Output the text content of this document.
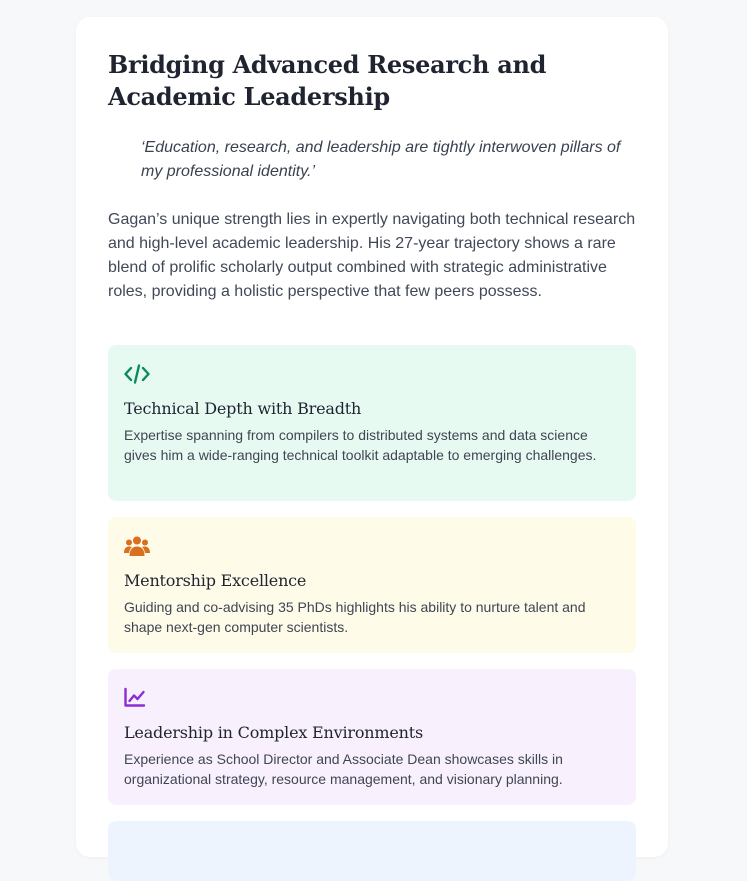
Bridging Advanced Research and Academic Leadership

‘Education, research, and leadership are tightly interwoven pillars of my professional identity.’

Gagan’s unique strength lies in expertly navigating both technical research and high-level academic leadership. His 27-year trajectory shows a rare blend of prolific scholarly output combined with strategic administrative roles, providing a holistic perspective that few peers possess.

Technical Depth with Breadth

Expertise spanning from compilers to distributed systems and data science gives him a wide-ranging technical toolkit adaptable to emerging challenges.

Mentorship Excellence

Guiding and co-advising 35 PhDs highlights his ability to nurture talent and shape next-gen computer scientists.

Leadership in Complex Environments

Experience as School Director and Associate Dean showcases skills in organizational strategy, resource management, and visionary planning.
